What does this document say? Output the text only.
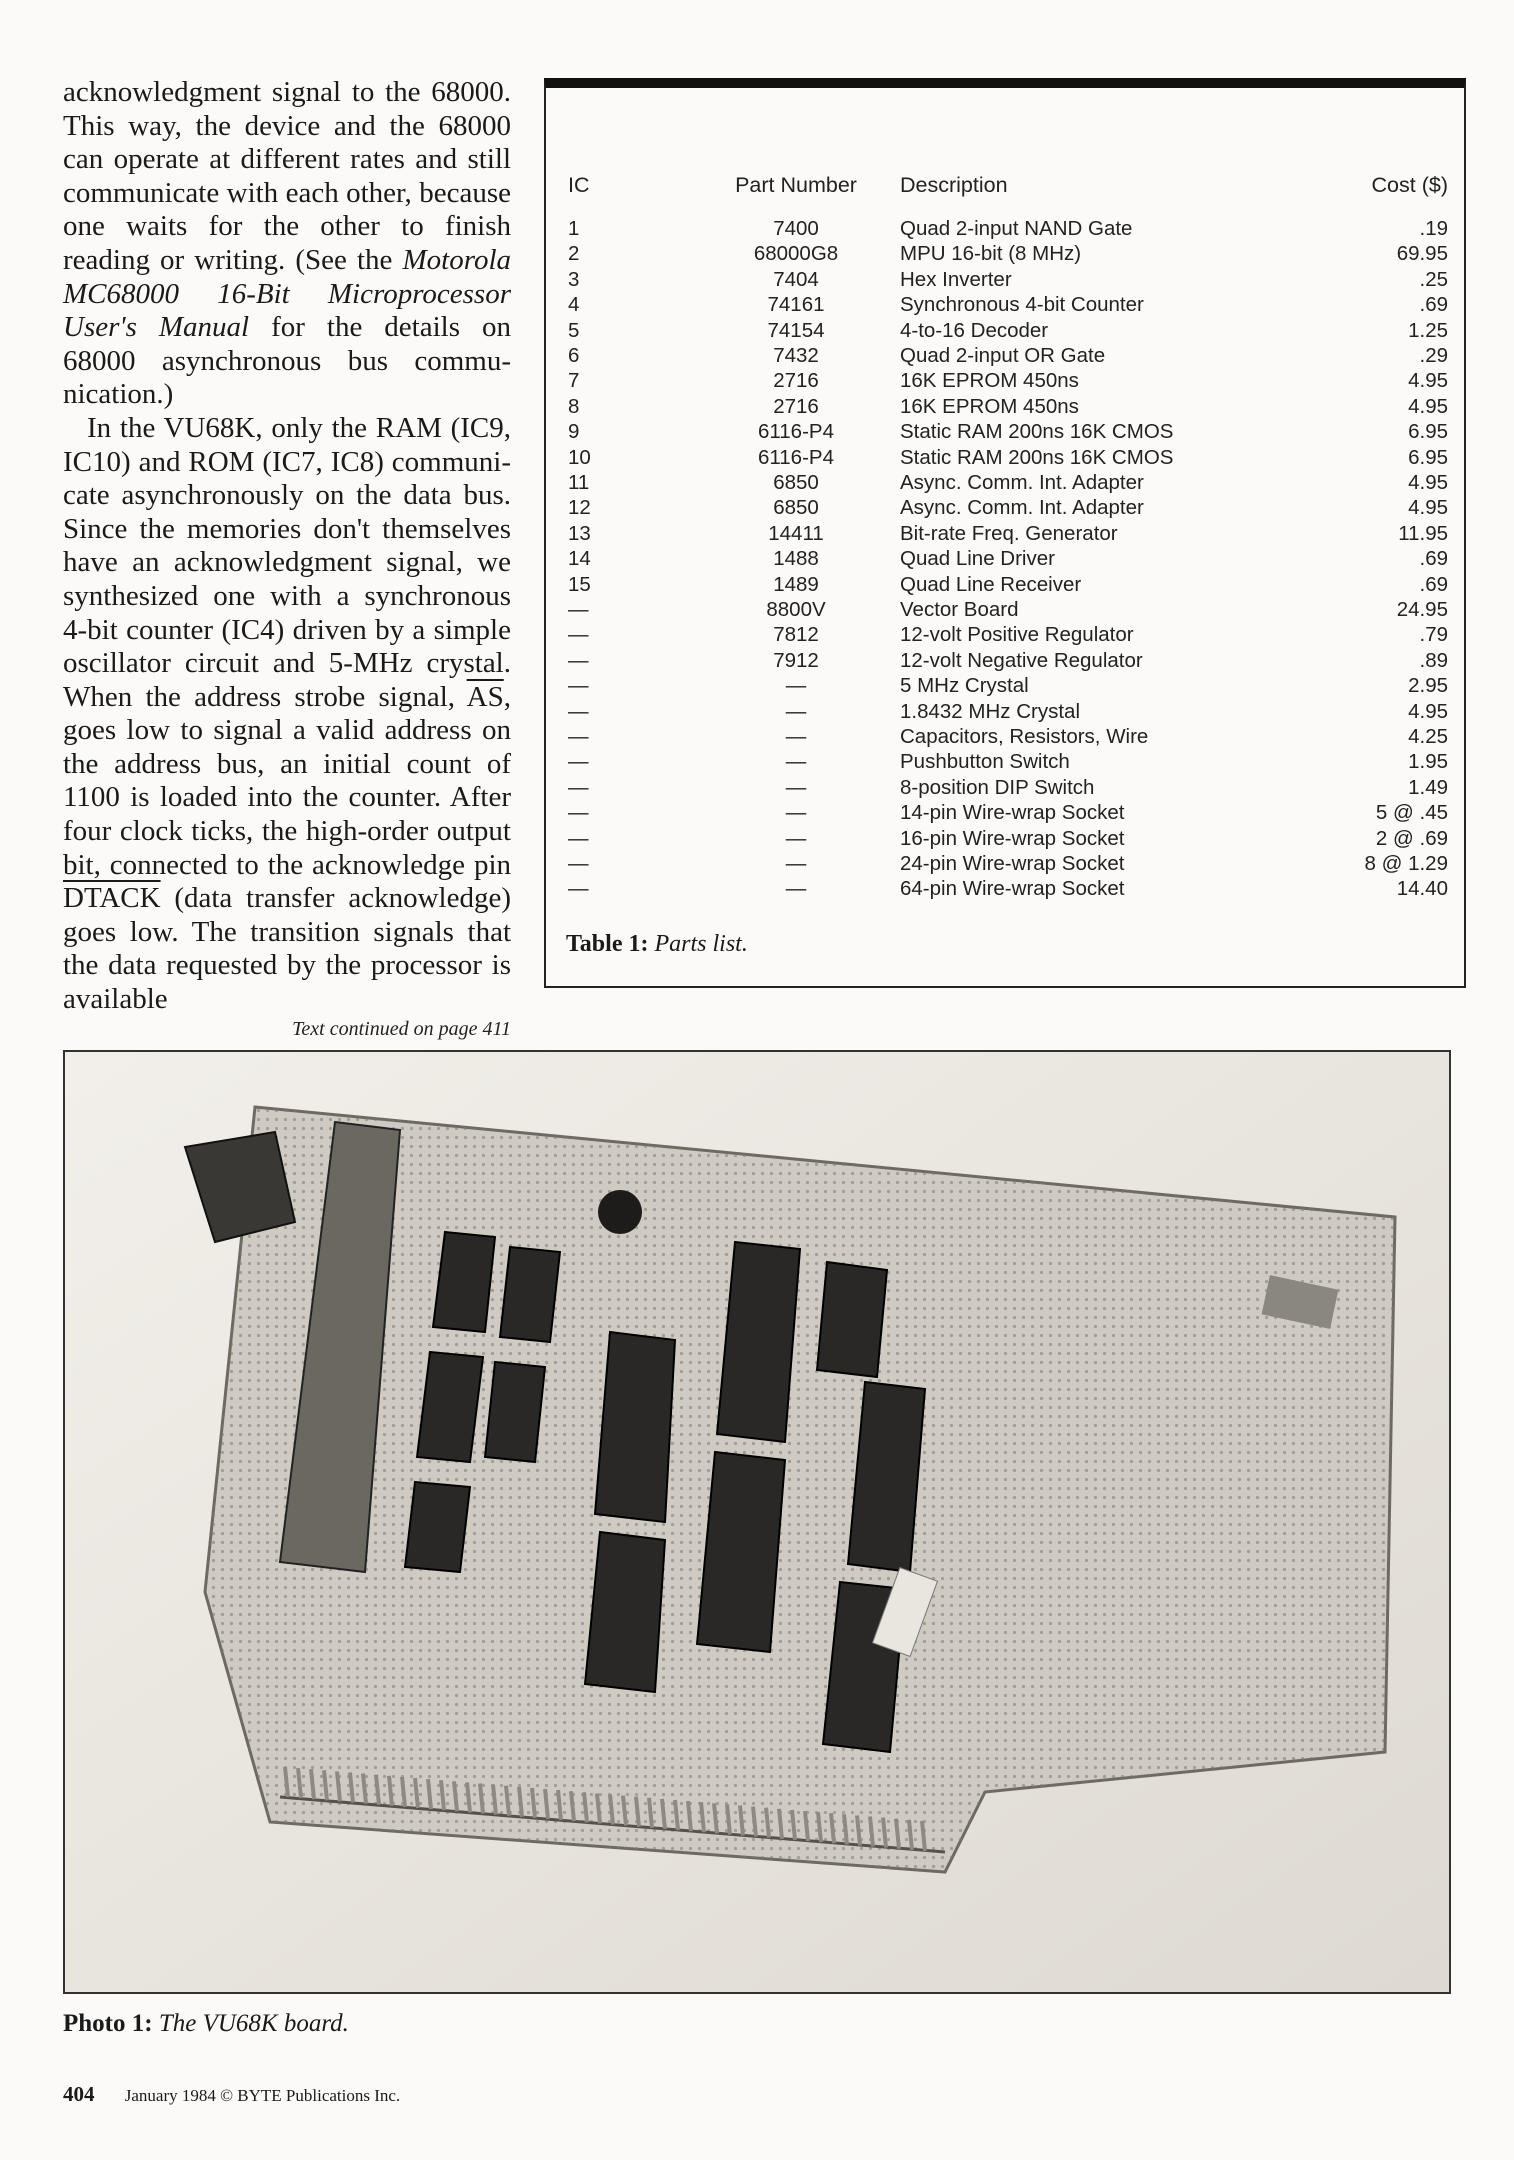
acknowledgment signal to the 68000. This way, the device and the 68000 can operate at different rates and still communicate with each other, because one waits for the other to finish reading or writing. (See the Motorola MC68000 16-Bit Microprocessor User's Manual for the details on 68000 asynchronous bus communication.)

In the VU68K, only the RAM (IC9, IC10) and ROM (IC7, IC8) communicate asynchronously on the data bus. Since the memories don't themselves have an acknowledgment signal, we synthesized one with a synchronous 4-bit counter (IC4) driven by a simple oscillator circuit and 5-MHz crystal. When the address strobe signal, $\overline{AS}$, goes low to signal a valid address on the address bus, an initial count of 1100 is loaded into the counter. After four clock ticks, the high-order output bit, connected to the acknowledge pin DTACK (data transfer acknowledge) goes low. The transition signals that the data requested by the processor is available

Text continued on page 411
IC	Part Number	Description	Cost ($)
1	7400	Quad 2-input NAND Gate	.19
2	68000G8	MPU 16-bit (8 MHz)	69.95
3	7404	Hex Inverter	.25
4	74161	Synchronous 4-bit Counter	.69
5	74154	4-to-16 Decoder	1.25
6	7432	Quad 2-input OR Gate	.29
7	2716	16K EPROM 450ns	4.95
8	2716	16K EPROM 450ns	4.95
9	6116-P4	Static RAM 200ns 16K CMOS	6.95
10	6116-P4	Static RAM 200ns 16K CMOS	6.95
11	6850	Async. Comm. Int. Adapter	4.95
12	6850	Async. Comm. Int. Adapter	4.95
13	14411	Bit-rate Freq. Generator	11.95
14	1488	Quad Line Driver	.69
15	1489	Quad Line Receiver	.69
—	8800V	Vector Board	24.95
—	7812	12-volt Positive Regulator	.79
—	7912	12-volt Negative Regulator	.89
—	—	5 MHz Crystal	2.95
—	—	1.8432 MHz Crystal	4.95
—	—	Capacitors, Resistors, Wire	4.25
—	—	Pushbutton Switch	1.95
—	—	8-position DIP Switch	1.49
—	—	14-pin Wire-wrap Socket	5 @ .45
—	—	16-pin Wire-wrap Socket	2 @ .69
—	—	24-pin Wire-wrap Socket	8 @ 1.29
—	—	64-pin Wire-wrap Socket	14.40
Table 1: Parts list.
Photo 1: The VU68K board.
404 January 1984 © BYTE Publications Inc.
